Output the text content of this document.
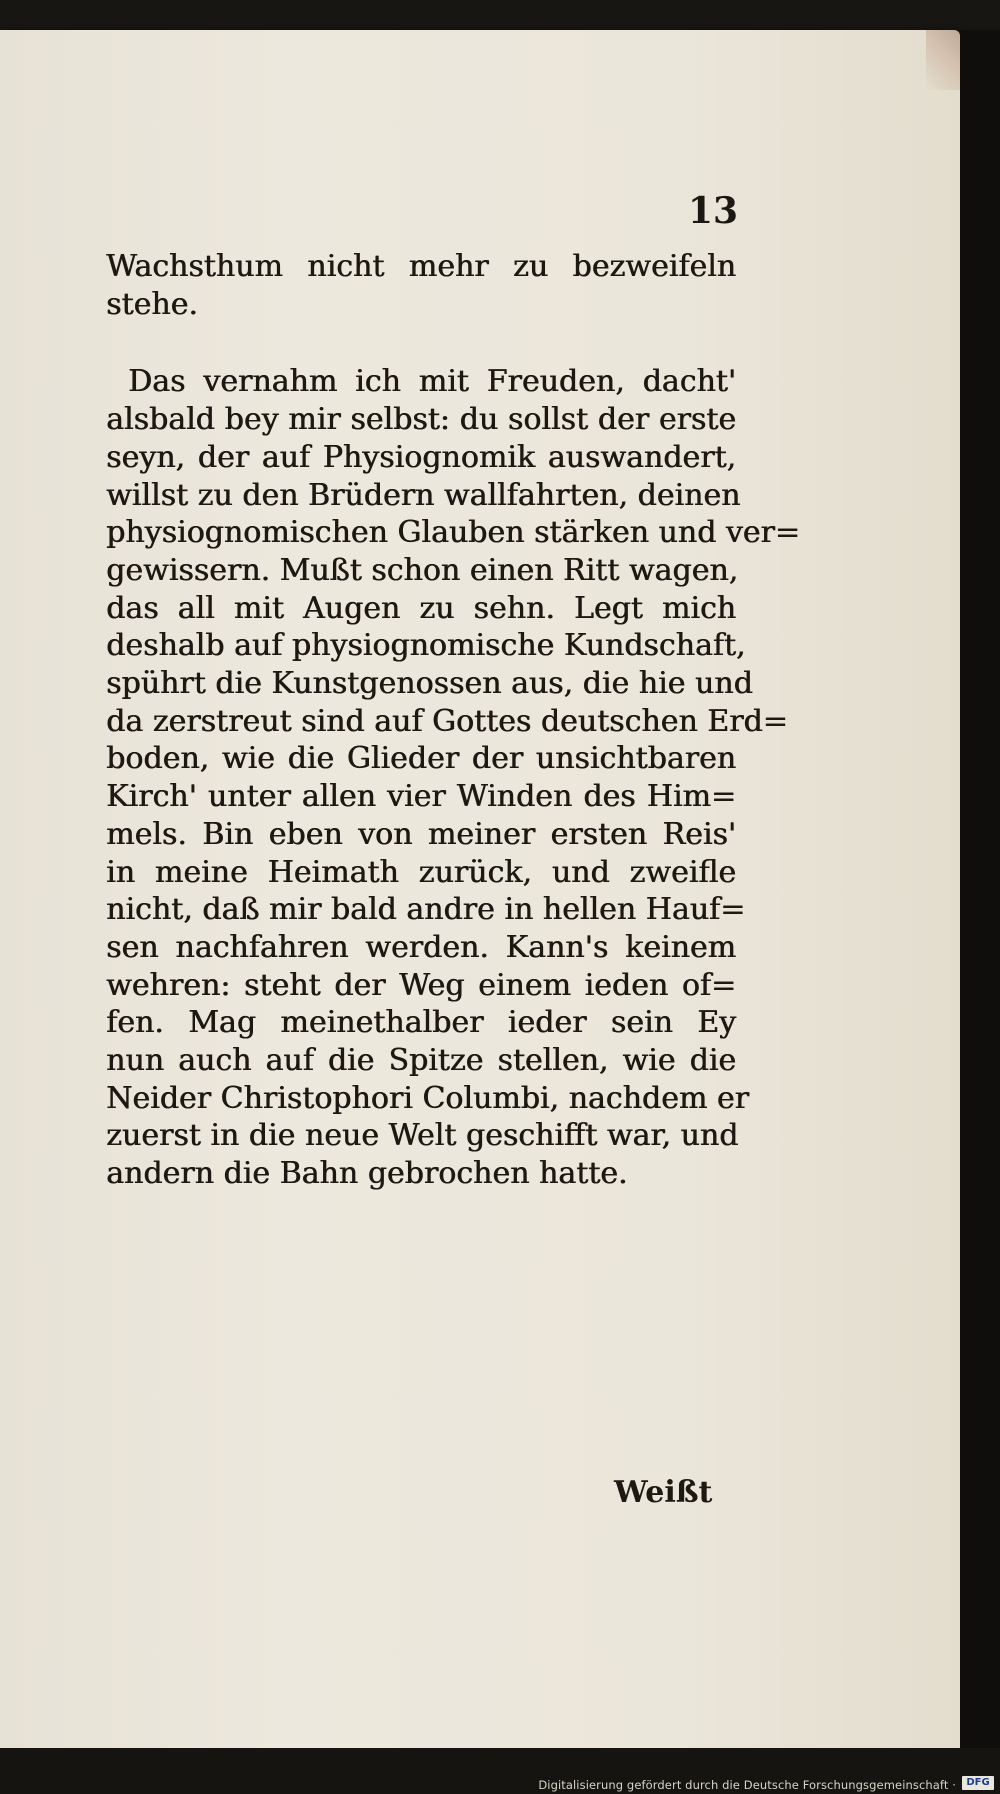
13
Wachsthum nicht mehr zu bezweifeln
stehe.
Das vernahm ich mit Freuden, dacht'
alsbald bey mir selbst: du sollst der erste
seyn, der auf Physiognomik auswandert,
willst zu den Brüdern wallfahrten, deinen
physiognomischen Glauben stärken und ver=
gewissern. Mußt schon einen Ritt wagen,
das all mit Augen zu sehn. Legt mich
deshalb auf physiognomische Kundschaft,
spührt die Kunstgenossen aus, die hie und
da zerstreut sind auf Gottes deutschen Erd=
boden, wie die Glieder der unsichtbaren
Kirch' unter allen vier Winden des Him=
mels. Bin eben von meiner ersten Reis'
in meine Heimath zurück, und zweifle
nicht, daß mir bald andre in hellen Hauf=
sen nachfahren werden. Kann's keinem
wehren: steht der Weg einem ieden of=
fen. Mag meinethalber ieder sein Ey
nun auch auf die Spitze stellen, wie die
Neider Christophori Columbi, nachdem er
zuerst in die neue Welt geschifft war, und
andern die Bahn gebrochen hatte.
Weißt
Digitalisierung gefördert durch die Deutsche Forschungsgemeinschaft ·	DFG
